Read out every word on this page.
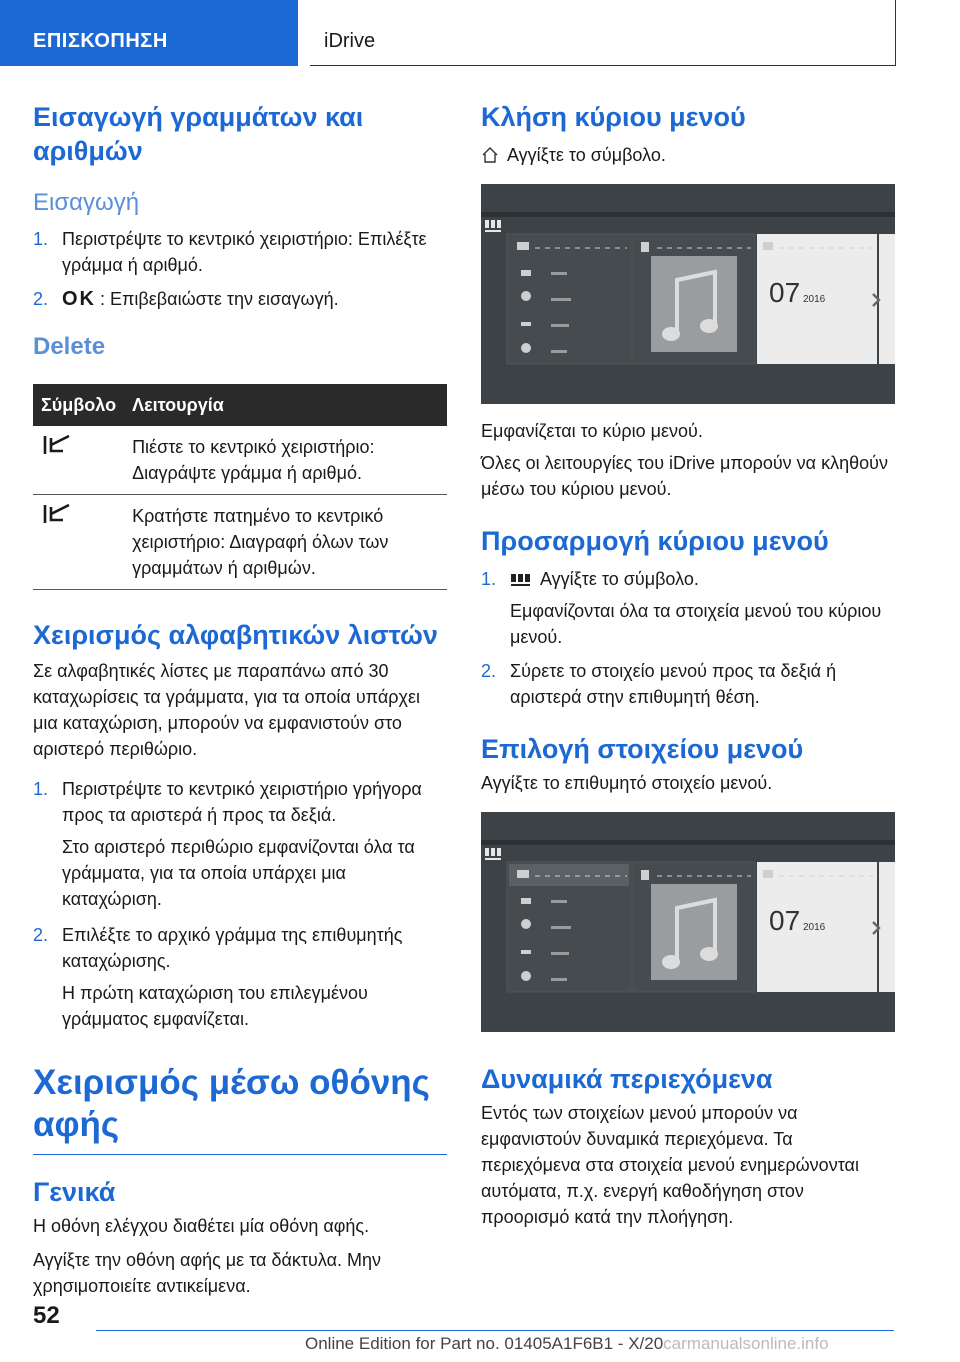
ΕΠΙΣΚΟΠΗΣΗ	iDrive
Εισαγωγή γραμμάτων και αριθμών
Εισαγωγή
1. Περιστρέψτε το κεντρικό χειριστήριο: Επιλέξτε γράμμα ή αριθμό.
2. OK : Επιβεβαιώστε την εισαγωγή.
Delete
Σύμβολο	Λειτουργία
	Πιέστε το κεντρικό χειριστήριο: Διαγράψτε γράμμα ή αριθμό.
	Κρατήστε πατημένο το κεντρικό χειριστήριο: Διαγραφή όλων των γραμμάτων ή αριθμών.
Χειρισμός αλφαβητικών λιστών

Σε αλφαβητικές λίστες με παραπάνω από 30 καταχωρίσεις τα γράμματα, για τα οποία υπάρχει μια καταχώριση, μπορούν να εμφανιστούν στο αριστερό περιθώριο.

1. Περιστρέψτε το κεντρικό χειριστήριο γρήγορα προς τα αριστερά ή προς τα δεξιά.
Στο αριστερό περιθώριο εμφανίζονται όλα τα γράμματα, για τα οποία υπάρχει μια καταχώριση.
2. Επιλέξτε το αρχικό γράμμα της επιθυμητής καταχώρισης.
Η πρώτη καταχώριση του επιλεγμένου γράμματος εμφανίζεται.
Χειρισμός μέσω οθόνης αφής
Γενικά

Η οθόνη ελέγχου διαθέτει μία οθόνη αφής.

Αγγίξτε την οθόνη αφής με τα δάκτυλα. Μην χρησιμοποιείτε αντικείμενα.

Κλήση κύριου μενού

Αγγίξτε το σύμβολο.

07 2016

Εμφανίζεται το κύριο μενού.

Όλες οι λειτουργίες του iDrive μπορούν να κληθούν μέσω του κύριου μενού.

Προσαρμογή κύριου μενού
1. Αγγίξτε το σύμβολο.
Εμφανίζονται όλα τα στοιχεία μενού του κύριου μενού.
2. Σύρετε το στοιχείο μενού προς τα δεξιά ή αριστερά στην επιθυμητή θέση.
Επιλογή στοιχείου μενού

Αγγίξτε το επιθυμητό στοιχείο μενού.

07 2016
Δυναμικά περιεχόμενα

Εντός των στοιχείων μενού μπορούν να εμφανιστούν δυναμικά περιεχόμενα. Τα περιεχόμενα στα στοιχεία μενού ενημερώνονται αυτόματα, π.χ. ενεργή καθοδήγηση στον προορισμό κατά την πλοήγηση.

52
Online Edition for Part no. 01405A1F6B1 - X/20carmanualsonline.info
